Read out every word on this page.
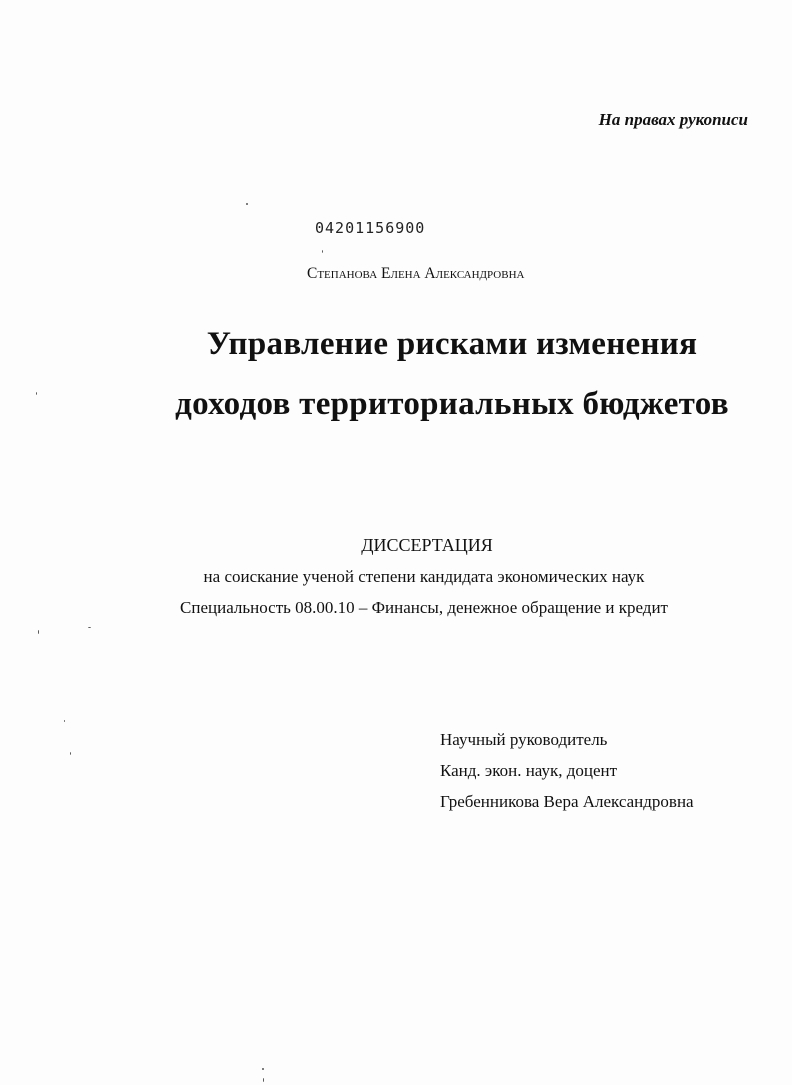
На правах рукописи
04201156900
Степанова Елена Александровна
Управление рисками изменения
доходов территориальных бюджетов
ДИССЕРТАЦИЯ
на соискание ученой степени кандидата экономических наук
Специальность 08.00.10 – Финансы, денежное обращение и кредит
Научный руководитель
Канд. экон. наук, доцент
Гребенникова Вера Александровна
